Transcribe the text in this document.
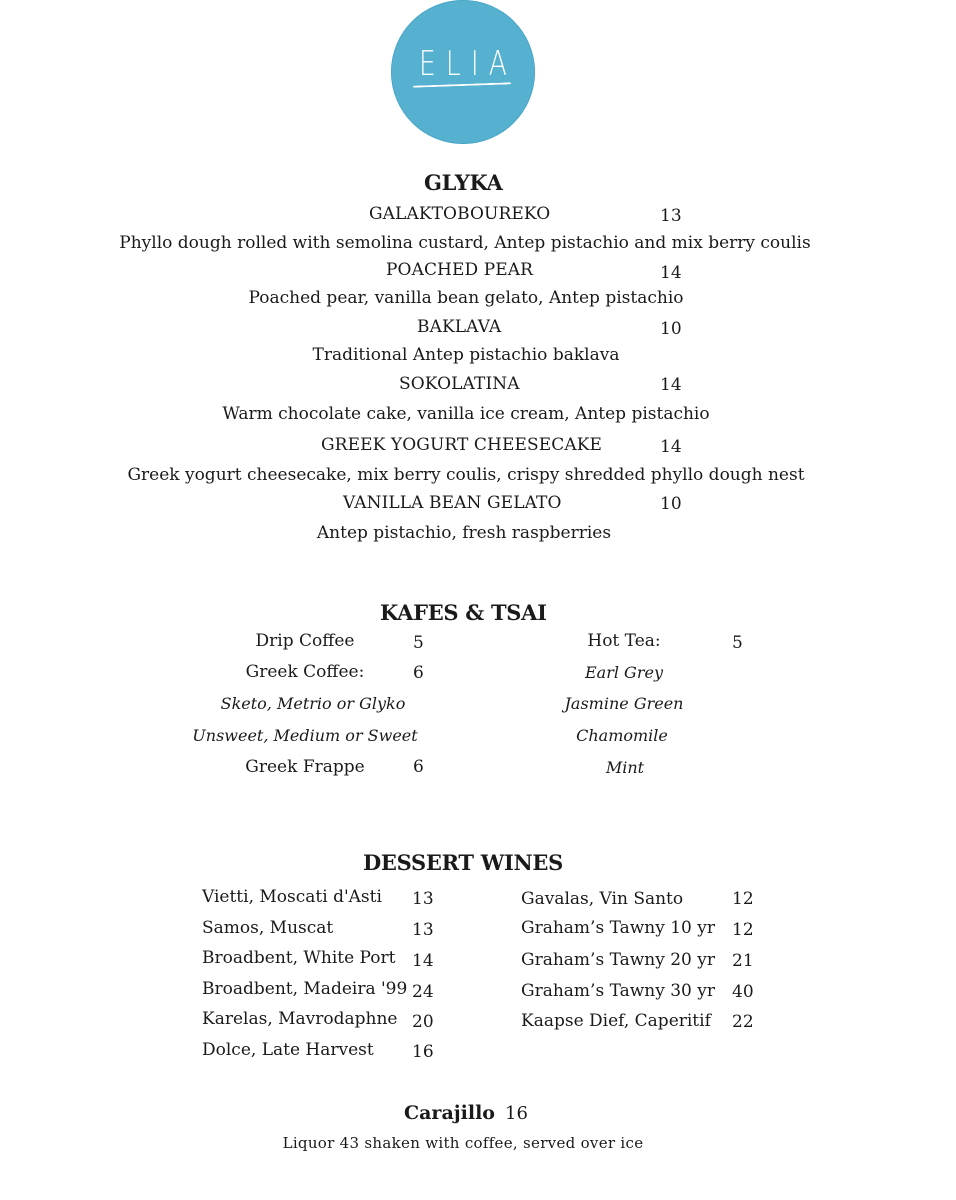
ELIA
GLYKA
GALAKTOBOUREKO	13
Phyllo dough rolled with semolina custard, Antep pistachio and mix berry coulis
POACHED PEAR	14
Poached pear, vanilla bean gelato, Antep pistachio
BAKLAVA	10
Traditional Antep pistachio baklava
SOKOLATINA	14
Warm chocolate cake, vanilla ice cream, Antep pistachio
GREEK YOGURT CHEESECAKE	14
Greek yogurt cheesecake, mix berry coulis, crispy shredded phyllo dough nest
VANILLA BEAN GELATO	10
Antep pistachio, fresh raspberries
KAFES & TSAI
Drip Coffee	5
Greek Coffee:	6
Sketo, Metrio or Glyko
Unsweet, Medium or Sweet
Greek Frappe	6
Hot Tea:	5
Earl Grey
Jasmine Green
Chamomile
Mint
DESSERT WINES
Vietti, Moscati d'Asti 13
Samos, Muscat	13
Broadbent, White Port 14
Broadbent, Madeira '99 24
Karelas, Mavrodaphne 20
Dolce, Late Harvest 16
Gavalas, Vin Santo	12
Graham’s Tawny 10 yr 12
Graham’s Tawny 20 yr 21
Graham’s Tawny 30 yr 40
Kaapse Dief, Caperitif 22
Carajillo 16
Liquor 43 shaken with coffee, served over ice
